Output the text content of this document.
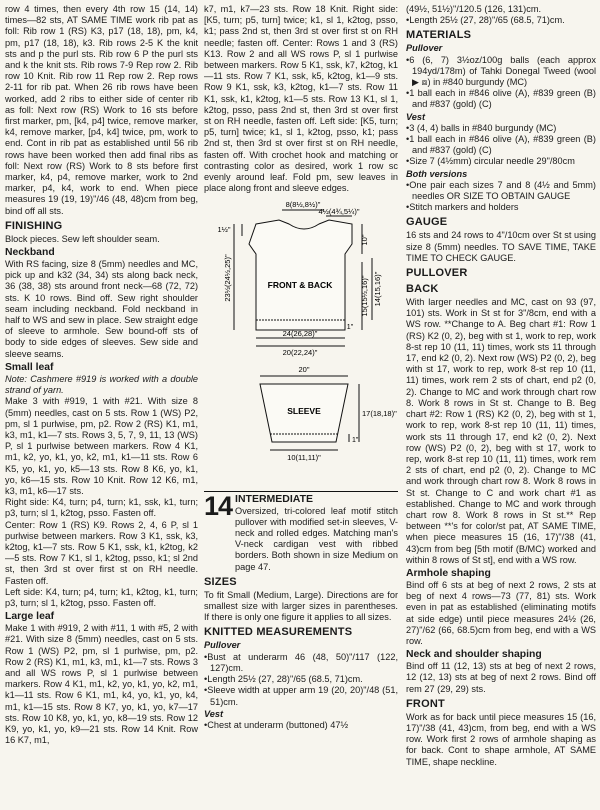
row 4 times, then every 4th row 15 (14, 14) times—82 sts, AT SAME TIME work rib pat as foll: Rib row 1 (RS) K3, p17 (18, 18), pm, k4, pm, p17 (18, 18), k3. Rib rows 2-5 K the knit sts and p the purl sts. Rib row 6 P the purl sts and k the knit sts. Rib rows 7-9 Rep row 2. Rib row 10 Knit. Rib row 11 Rep row 2. Rep rows 2-11 for rib pat. When 26 rib rows have been worked, add 2 ribs to either side of center rib as foll: Next row (RS) Work to 16 sts before first marker, pm, [k4, p4] twice, remove marker, k4, remove marker, [p4, k4] twice, pm, work to end. Cont in rib pat as established until 56 rib rows have been worked then add final ribs as foll: Next row (RS) Work to 8 sts before first marker, k4, p4, remove marker, work to 2nd marker, p4, k4, work to end. When piece measures 19 (19, 19)"/46 (48, 48)cm from beg, bind off all sts.

FINISHING

Block pieces. Sew left shoulder seam.

Neckband

With RS facing, size 8 (5mm) needles and MC, pick up and k32 (34, 34) sts along back neck, 36 (38, 38) sts around front neck—68 (72, 72) sts. K 10 rows. Bind off. Sew right shoulder seam including neckband. Fold neckband in half to WS and sew in place. Sew straight edge of sleeve to armhole. Sew bound-off sts of body to side edges of sleeves. Sew side and sleeve seams.

Small leaf

Note: Cashmere #919 is worked with a double strand of yarn.

Make 3 with #919, 1 with #21. With size 8 (5mm) needles, cast on 5 sts. Row 1 (WS) P2, pm, sl 1 purlwise, pm, p2. Row 2 (RS) K1, m1, k3, m1, k1—7 sts. Rows 3, 5, 7, 9, 11, 13 (WS) P, sl 1 purlwise between markers. Row 4 K1, m1, k2, yo, k1, yo, k2, m1, k1—11 sts. Row 6 K5, yo, k1, yo, k5—13 sts. Row 8 K6, yo, k1, yo, k6—15 sts. Row 10 Knit. Row 12 K6, m1, k3, m1, k6—17 sts.

Right side: K4, turn; p4, turn; k1, ssk, k1, turn; p3, turn; sl 1, k2tog, psso. Fasten off.

Center: Row 1 (RS) K9. Rows 2, 4, 6 P, sl 1 purlwise between markers. Row 3 K1, ssk, k3, k2tog, k1—7 sts. Row 5 K1, ssk, k1, k2tog, k2—5 sts. Row 7 K1, sl 1, k2tog, psso, k1; sl 2nd st, then 3rd st over first st on RH needle. Fasten off.

Left side: K4, turn; p4, turn; k1, k2tog, k1, turn; p3, turn; sl 1, k2tog, psso. Fasten off.

Large leaf

Make 1 with #919, 2 with #11, 1 with #5, 2 with #21. With size 8 (5mm) needles, cast on 5 sts. Row 1 (WS) P2, pm, sl 1 purlwise, pm, p2. Row 2 (RS) K1, m1, k3, m1, k1—7 sts. Rows 3 and all WS rows P, sl 1 purlwise between markers. Row 4 K1, m1, k2, yo, k1, yo, k2, m1, k1—11 sts. Row 6 K1, m1, k4, yo, k1, yo, k4, m1, k1—15 sts. Row 8 K7, yo, k1, yo, k7—17 sts. Row 10 K8, yo, k1, yo, k8—19 sts. Row 12 K9, yo, k1, yo, k9—21 sts. Row 14 Knit. Row 16 K7, m1,

k7, m1, k7—23 sts. Row 18 Knit. Right side: [K5, turn; p5, turn] twice; k1, sl 1, k2tog, psso, k1; pass 2nd st, then 3rd st over first st on RH needle; fasten off. Center: Rows 1 and 3 (RS) K13. Row 2 and all WS rows P, sl 1 purlwise between markers. Row 5 K1, ssk, k7, k2tog, k1—11 sts. Row 7 K1, ssk, k5, k2tog, k1—9 sts. Row 9 K1, ssk, k3, k2tog, k1—7 sts. Row 11 K1, ssk, k1, k2tog, k1—5 sts. Row 13 K1, sl 1, k2tog, psso, pass 2nd st, then 3rd st over first st on RH needle, fasten off. Left side: [K5, turn; p5, turn] twice; k1, sl 1, k2tog, psso, k1; pass 2nd st, then 3rd st over first st on RH needle, fasten off. With crochet hook and matching or contrasting color as desired, work 1 row sc evenly around leaf. Fold pm, sew leaves in place along front and sleeve edges.

FRONT & BACK
8(8½,8½)"
4½(4¾,5¼)"
1½"
23½(24½,25)"
10"
15(15½,16)" 14(15,16)"
1"
24(26,28)"
20(22,24)"
20"
SLEEVE	17(18,18)"
1"
10(11,11)"
14 INTERMEDIATE

Oversized, tri-colored leaf motif stitch pullover with modified set-in sleeves, V-neck and rolled edges. Matching man's V-neck cardigan vest with ribbed borders. Both shown in size Medium on page 47.

SIZES

To fit Small (Medium, Large). Directions are for smallest size with larger sizes in parentheses. If there is only one figure it applies to all sizes.

KNITTED MEASUREMENTS
Pullover

• Bust at underarm 46 (48, 50)"/117 (122, 127)cm.

• Length 25½ (27, 28)"/65 (68.5, 71)cm.

• Sleeve width at upper arm 19 (20, 20)"/48 (51, 51)cm.

Vest

• Chest at underarm (buttoned) 47½

(49½, 51½)"/120.5 (126, 131)cm.

• Length 25½ (27, 28)"/65 (68.5, 71)cm.

MATERIALS
Pullover

• 6 (6, 7) 3½oz/100g balls (each approx 194yd/178m) of Tahki Donegal Tweed (wool ▶ ⧈) in #840 burgundy (MC)

• 1 ball each in #846 olive (A), #839 green (B) and #837 (gold) (C)

Vest

• 3 (4, 4) balls in #840 burgundy (MC)

• 1 ball each in #846 olive (A), #839 green (B) and #837 (gold) (C)

• Size 7 (4½mm) circular needle 29"/80cm

Both versions

• One pair each sizes 7 and 8 (4½ and 5mm) needles OR SIZE TO OBTAIN GAUGE

• Stitch markers and holders

GAUGE

16 sts and 24 rows to 4"/10cm over St st using size 8 (5mm) needles. TO SAVE TIME, TAKE TIME TO CHECK GAUGE.

PULLOVER
BACK

With larger needles and MC, cast on 93 (97, 101) sts. Work in St st for 3"/8cm, end with a WS row. **Change to A. Beg chart #1: Row 1 (RS) K2 (0, 2), beg with st 1, work to rep, work 8-st rep 10 (11, 11) times, work sts 11 through 17, end k2 (0, 2). Next row (WS) P2 (0, 2), beg with st 17, work to rep, work 8-st rep 10 (11, 11) times, work rem 2 sts of chart, end p2 (0, 2). Change to MC and work through chart row 8. Work 8 rows in St st. Change to B. Beg chart #2: Row 1 (RS) K2 (0, 2), beg with st 1, work to rep, work 8-st rep 10 (11, 11) times, work sts 11 through 17, end k2 (0, 2). Next row (WS) P2 (0, 2), beg with st 17, work to rep, work 8-st rep 10 (11, 11) times, work rem 2 sts of chart, end p2 (0, 2). Change to MC and work through chart row 8. Work 8 rows in St st. Change to C and work chart #1 as established. Change to MC and work through chart row 8. Work 8 rows in St st.** Rep between **'s for color/st pat, AT SAME TIME, when piece measures 15 (16, 17)"/38 (41, 43)cm from beg [5th motif (B/MC) worked and within 8 rows of St st], end with a WS row.

Armhole shaping

Bind off 6 sts at beg of next 2 rows, 2 sts at beg of next 4 rows—73 (77, 81) sts. Work even in pat as established (eliminating motifs at side edge) until piece measures 24½ (26, 27)"/62 (66, 68.5)cm from beg, end with a WS row.

Neck and shoulder shaping

Bind off 11 (12, 13) sts at beg of next 2 rows, 12 (12, 13) sts at beg of next 2 rows. Bind off rem 27 (29, 29) sts.

FRONT

Work as for back until piece measures 15 (16, 17)"/38 (41, 43)cm, from beg, end with a WS row. Work first 2 rows of armhole shaping as for back. Cont to shape armhole, AT SAME TIME, shape neckline.
